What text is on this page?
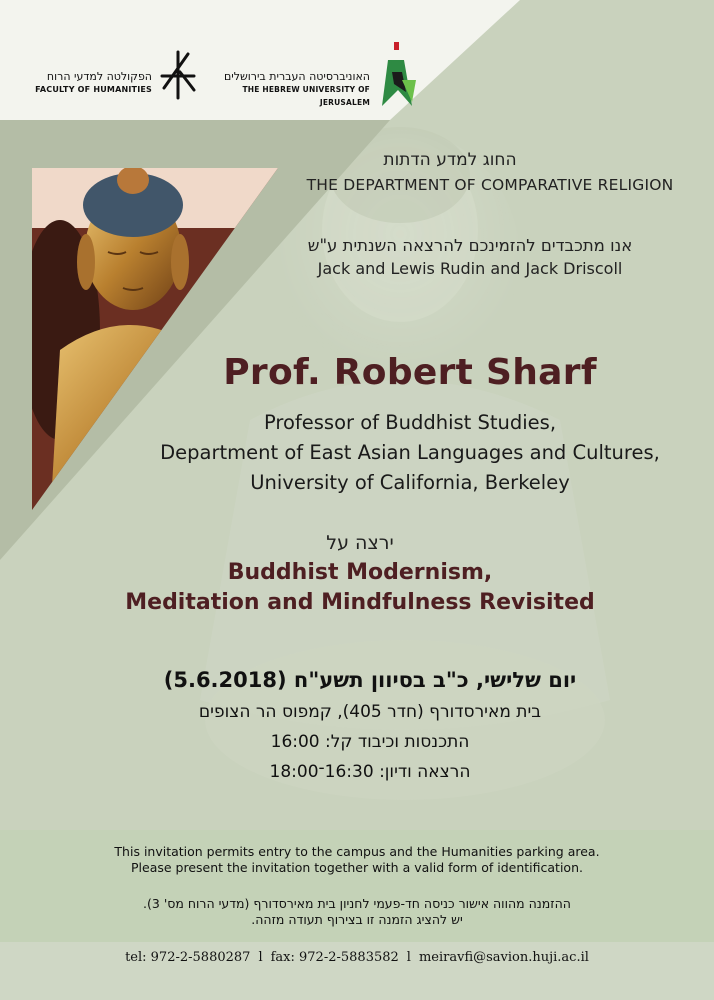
הפקולטה למדעי הרוח
FACULTY OF HUMANITIES
האוניברסיטה העברית בירושלים
THE HEBREW UNIVERSITY OF JERUSALEM
החוג למדע הדתות
THE DEPARTMENT OF COMPARATIVE RELIGION
אנו מתכבדים להזמינכם להרצאה השנתית ע"ש
Jack and Lewis Rudin and Jack Driscoll
Prof. Robert Sharf
Professor of Buddhist Studies,
Department of East Asian Languages and Cultures,
University of California, Berkeley
ירצה על
Buddhist Modernism,
Meditation and Mindfulness Revisited
יום שלישי, כ"ב בסיוון תשע"ח (5.6.2018)
בית מאירסדורף (חדר 405), קמפוס הר הצופים
התכנסות וכיבוד קל: 16:00
הרצאה ודיון: 16:30־18:00
This invitation permits entry to the campus and the Humanities parking area.
Please present the invitation together with a valid form of identification.
ההזמנה מהווה אישור כניסה חד-פעמי לחניון בית מאירסדורף (מדעי הרוח מס' 3).
יש להציג הזמנה זו בצירוף תעודה מזהה.
tel: 972-2-5880287 l fax: 972-2-5883582 l meiravfi@savion.huji.ac.il
